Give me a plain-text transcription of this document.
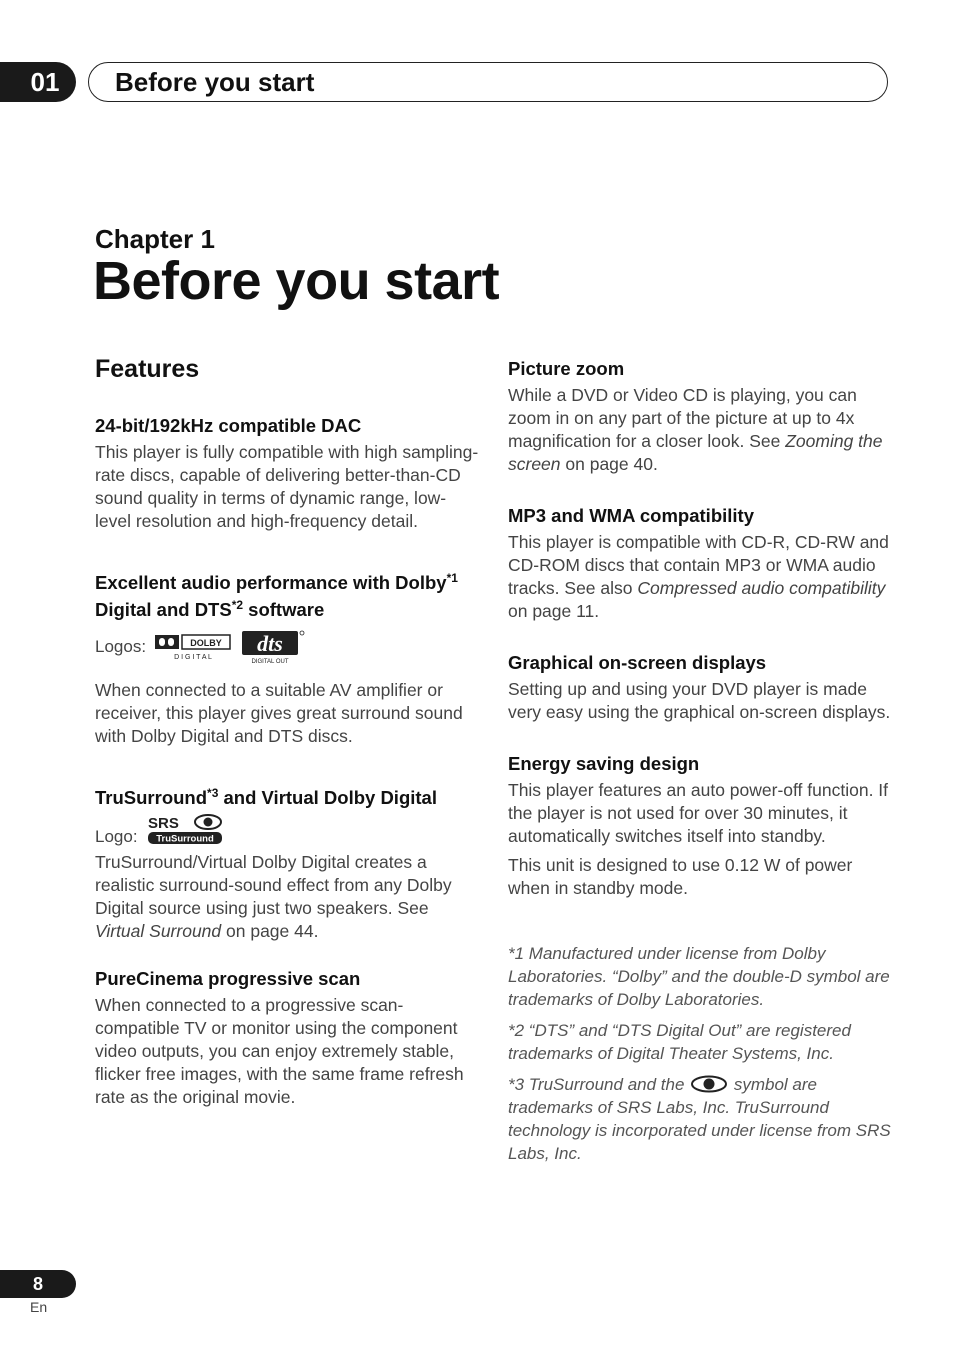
01	Before you start
Chapter 1
Before you start
Features
24-bit/192kHz compatible DAC

This player is fully compatible with high sampling-rate discs, capable of delivering better-than-CD sound quality in terms of dynamic range, low-level resolution and high-frequency detail.

Excellent audio performance with Dolby$^{*1}$ Digital and DTS$^{*2}$ software
Logos:	DOLBY
D I G I T A L
dts
DIGITAL OUT

When connected to a suitable AV amplifier or receiver, this player gives great surround sound with Dolby Digital and DTS discs.

TruSurround$^{*3}$ and Virtual Dolby Digital
Logo:
SRS
TruSurround

TruSurround/Virtual Dolby Digital creates a realistic surround-sound effect from any Dolby Digital source using just two speakers. See Virtual Surround on page 44.

PureCinema progressive scan

When connected to a progressive scan-compatible TV or monitor using the component video outputs, you can enjoy extremely stable, flicker free images, with the same frame refresh rate as the original movie.

Picture zoom

While a DVD or Video CD is playing, you can zoom in on any part of the picture at up to 4x magnification for a closer look. See Zooming the screen on page 40.

MP3 and WMA compatibility

This player is compatible with CD-R, CD-RW and CD-ROM discs that contain MP3 or WMA audio tracks. See also Compressed audio compatibility on page 11.

Graphical on-screen displays

Setting up and using your DVD player is made very easy using the graphical on-screen displays.

Energy saving design

This player features an auto power-off function. If the player is not used for over 30 minutes, it automatically switches itself into standby.

This unit is designed to use 0.12 W of power when in standby mode.

*1 Manufactured under license from Dolby Laboratories. “Dolby” and the double-D symbol are trademarks of Dolby Laboratories.

*2 “DTS” and “DTS Digital Out” are registered trademarks of Digital Theater Systems, Inc.

*3 TruSurround and the  symbol are trademarks of SRS Labs, Inc. TruSurround technology is incorporated under license from SRS Labs, Inc.

8
En
